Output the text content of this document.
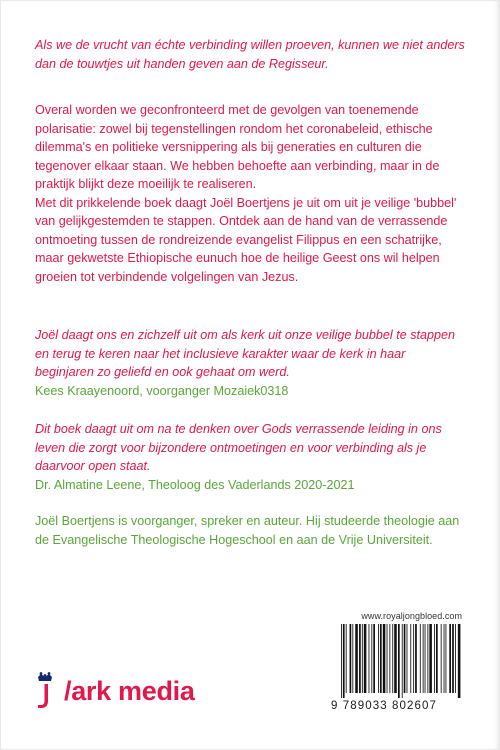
Als we de vrucht van échte verbinding willen proeven, kunnen we niet anders dan de touwtjes uit handen geven aan de Regisseur.

Overal worden we geconfronteerd met de gevolgen van toenemende polarisatie: zowel bij tegenstellingen rondom het coronabeleid, ethische dilemma's en politieke versnippering als bij generaties en culturen die tegenover elkaar staan. We hebben behoefte aan verbinding, maar in de praktijk blijkt deze moeilijk te realiseren.

Met dit prikkelende boek daagt Joël Boertjens je uit om uit je veilige 'bubbel' van gelijkgestemden te stappen. Ontdek aan de hand van de verrassende ontmoeting tussen de rondreizende evangelist Filippus en een schatrijke, maar gekwetste Ethiopische eunuch hoe de heilige Geest ons wil helpen groeien tot verbindende volgelingen van Jezus.

Joël daagt ons en zichzelf uit om als kerk uit onze veilige bubbel te stappen en terug te keren naar het inclusieve karakter waar de kerk in haar beginjaren zo geliefd en ook gehaat om werd.

Kees Kraayenoord, voorganger Mozaiek0318

Dit boek daagt uit om na te denken over Gods verrassende leiding in ons leven die zorgt voor bijzondere ontmoetingen en voor verbinding als je daarvoor open staat.

Dr. Almatine Leene, Theoloog des Vaderlands 2020-2021

Joël Boertjens is voorganger, spreker en auteur. Hij studeerde theologie aan de Evangelische Theologische Hogeschool en aan de Vrije Universiteit.

www.royaljongbloed.com
9 789033 802607
/ark media
